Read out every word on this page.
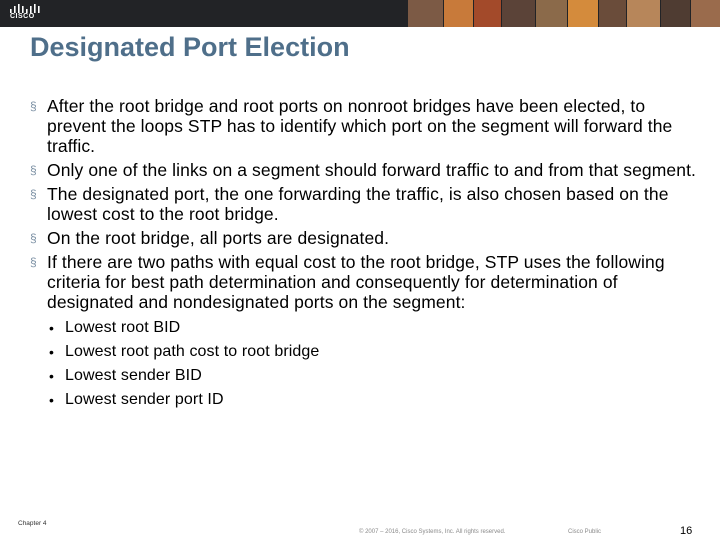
CISCO
Designated Port Election
§ After the root bridge and root ports on nonroot bridges have been elected, to prevent the loops STP has to identify which port on the segment will forward the traffic.
§ Only one of the links on a segment should forward traffic to and from that segment.
§ The designated port, the one forwarding the traffic, is also chosen based on the lowest cost to the root bridge.
§ On the root bridge, all ports are designated.
§ If there are two paths with equal cost to the root bridge, STP uses the following criteria for best path determination and consequently for determination of designated and nondesignated ports on the segment:
• Lowest root BID
• Lowest root path cost to root bridge
• Lowest sender BID
• Lowest sender port ID
Chapter 4
© 2007 – 2016, Cisco Systems, Inc. All rights reserved.	Cisco Public	16
